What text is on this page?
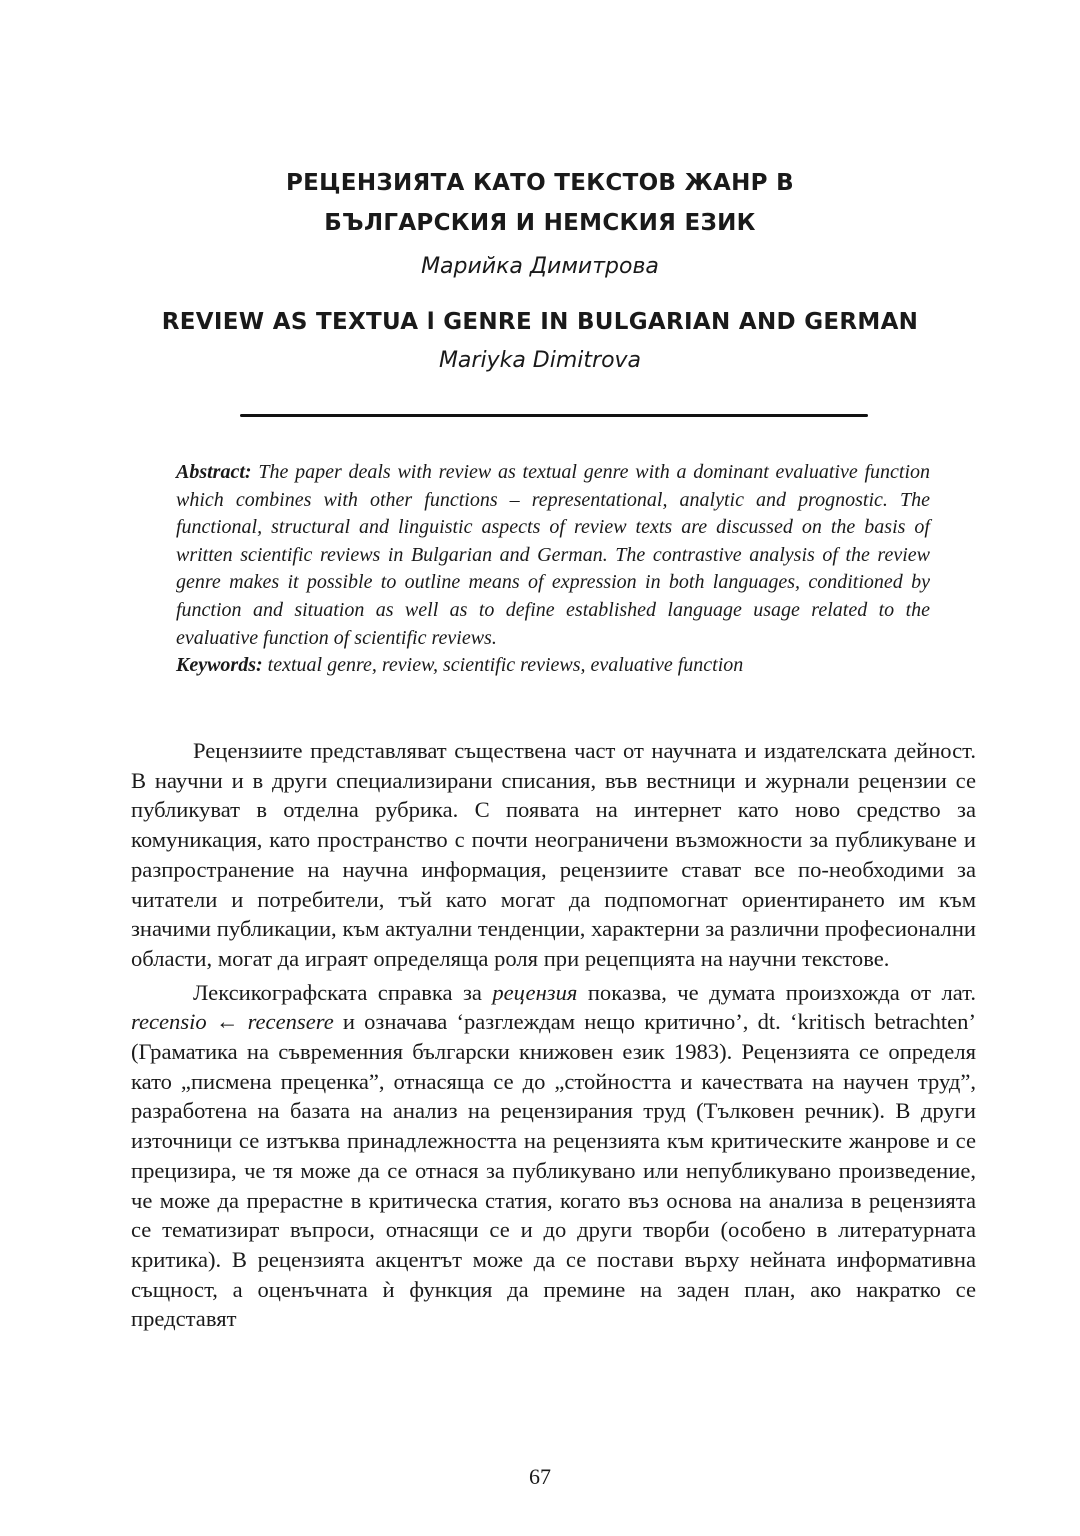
РЕЦЕНЗИЯТА КАТО ТЕКСТОВ ЖАНР В
БЪЛГАРСКИЯ И НЕМСКИЯ ЕЗИК
Марийка Димитрова
REVIEW AS TEXTUA l GENRE IN BULGARIAN AND GERMAN
Mariyka Dimitrova
Abstract: The paper deals with review as textual genre with a dominant evaluative function which combines with other functions – representational, analytic and prognostic. The functional, structural and linguistic aspects of review texts are discussed on the basis of written scientific reviews in Bulgarian and German. The contrastive analysis of the review genre makes it possible to outline means of expression in both languages, conditioned by function and situation as well as to define established language usage related to the evaluative function of scientific reviews.
Keywords: textual genre, review, scientific reviews, evaluative function

Рецензиите представляват съществена част от научната и издателската дейност. В научни и в други специализирани списания, във вестници и журнали рецензии се публикуват в отделна рубрика. С появата на интернет като ново средство за комуникация, като пространство с почти неограничени възможности за публикуване и разпространение на научна информация, рецензиите стават все по-необходими за читатели и потребители, тъй като могат да подпомогнат ориентирането им към значими публикации, към актуални тенденции, характерни за различни професионални области, могат да играят определяща роля при рецепцията на научни текстове.

Лексикографската справка за рецензия показва, че думата произхожда от лат. recensio ← recensere и означава ‘разглеждам нещо критично’, dt. ‘kritisch betrachten’ (Граматика на съвременния български книжовен език 1983). Рецензията се определя като „писмена преценка”, отнасяща се до „стойността и качествата на научен труд”, разработена на базата на анализ на рецензирания труд (Тълковен речник). В други източници се изтъква принадлежността на рецензията към критическите жанрове и се прецизира, че тя може да се отнася за публикувано или непубликувано произведение, че може да прерастне в критическа статия, когато въз основа на анализа в рецензията се тематизират въпроси, отнасящи се и до други творби (особено в литературната критика). В рецензията акцентът може да се постави върху нейната информативна същност, а оценъчната ѝ функция да премине на заден план, ако накратко се представят

67
